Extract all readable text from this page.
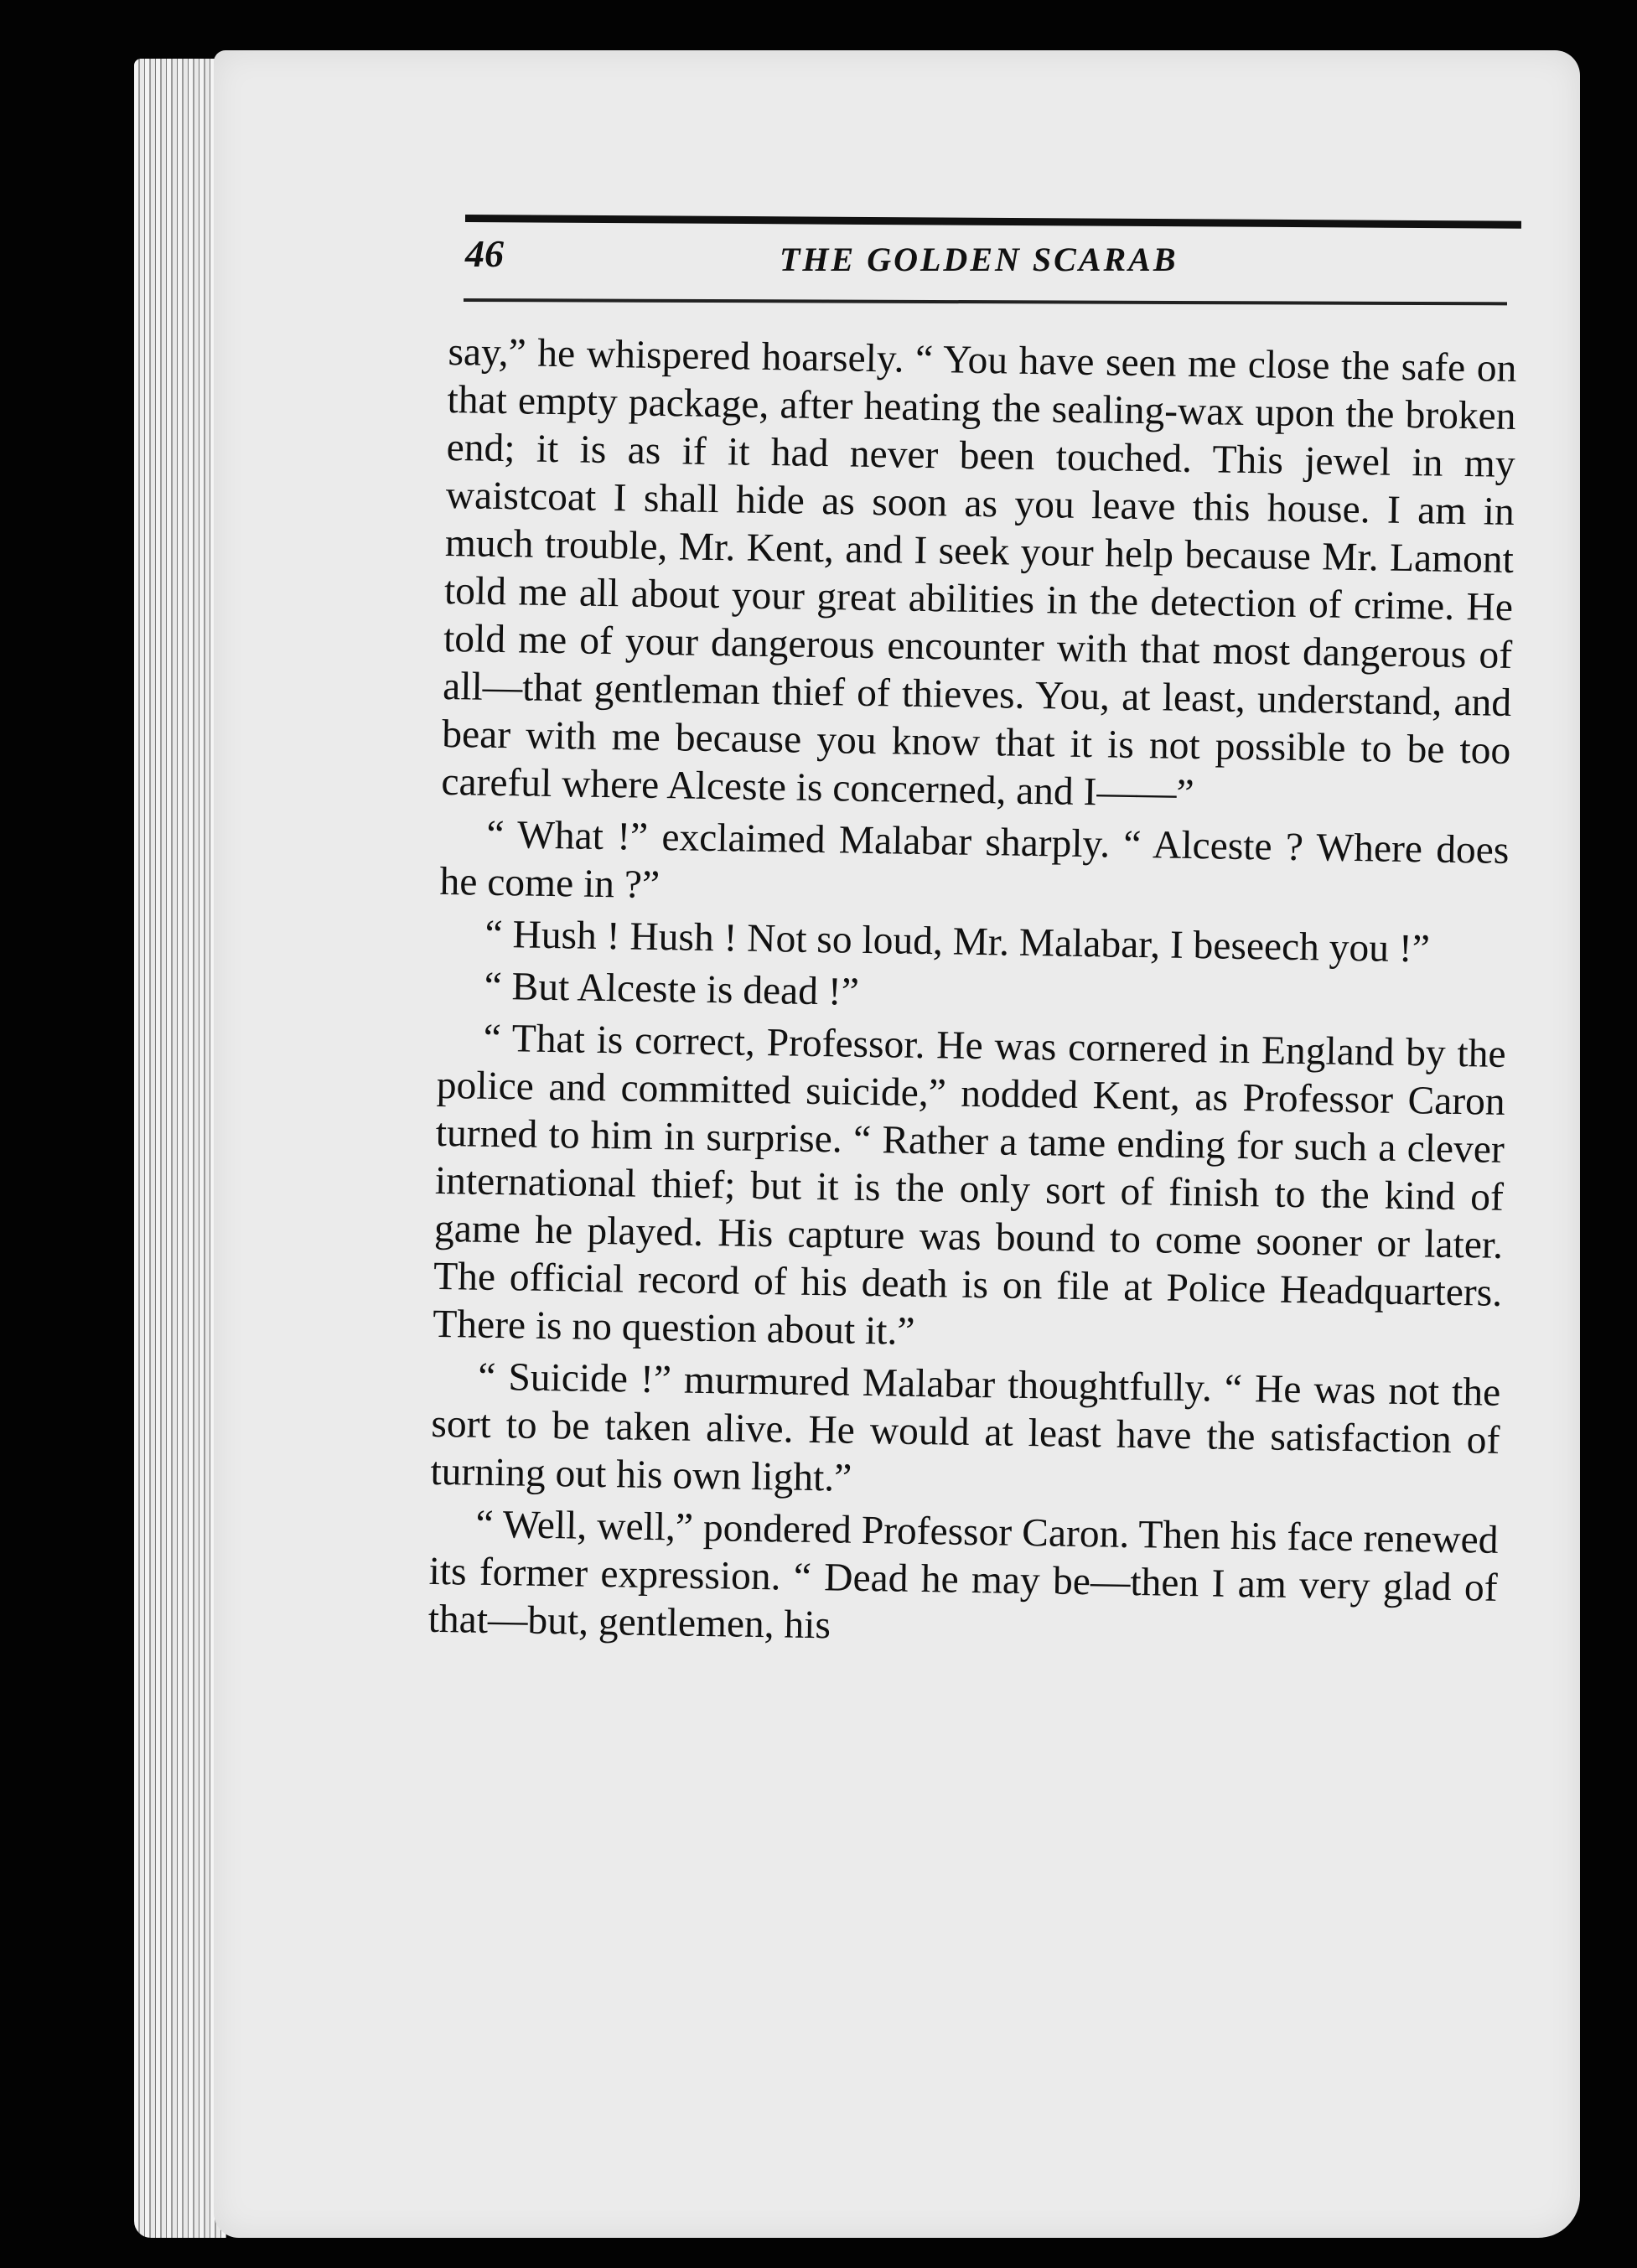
46	THE GOLDEN SCARAB

say,” he whispered hoarsely. “ You have seen me close the safe on that empty package, after heating the sealing-wax upon the broken end; it is as if it had never been touched. This jewel in my waistcoat I shall hide as soon as you leave this house. I am in much trouble, Mr. Kent, and I seek your help because Mr. Lamont told me all about your great abilities in the detection of crime. He told me of your dangerous encounter with that most dangerous of all—that gentleman thief of thieves. You, at least, understand, and bear with me because you know that it is not possible to be too careful where Alceste is concerned, and I——”

“ What !” exclaimed Malabar sharply. “ Alceste ? Where does he come in ?”

“ Hush ! Hush ! Not so loud, Mr. Malabar, I beseech you !”

“ But Alceste is dead !”

“ That is correct, Professor. He was cornered in England by the police and committed suicide,” nodded Kent, as Professor Caron turned to him in surprise. “ Rather a tame ending for such a clever international thief; but it is the only sort of finish to the kind of game he played. His capture was bound to come sooner or later. The official record of his death is on file at Police Headquarters. There is no question about it.”

“ Suicide !” murmured Malabar thoughtfully. “ He was not the sort to be taken alive. He would at least have the satisfaction of turning out his own light.”

“ Well, well,” pondered Professor Caron. Then his face renewed its former expression. “ Dead he may be—then I am very glad of that—but, gentlemen, his
